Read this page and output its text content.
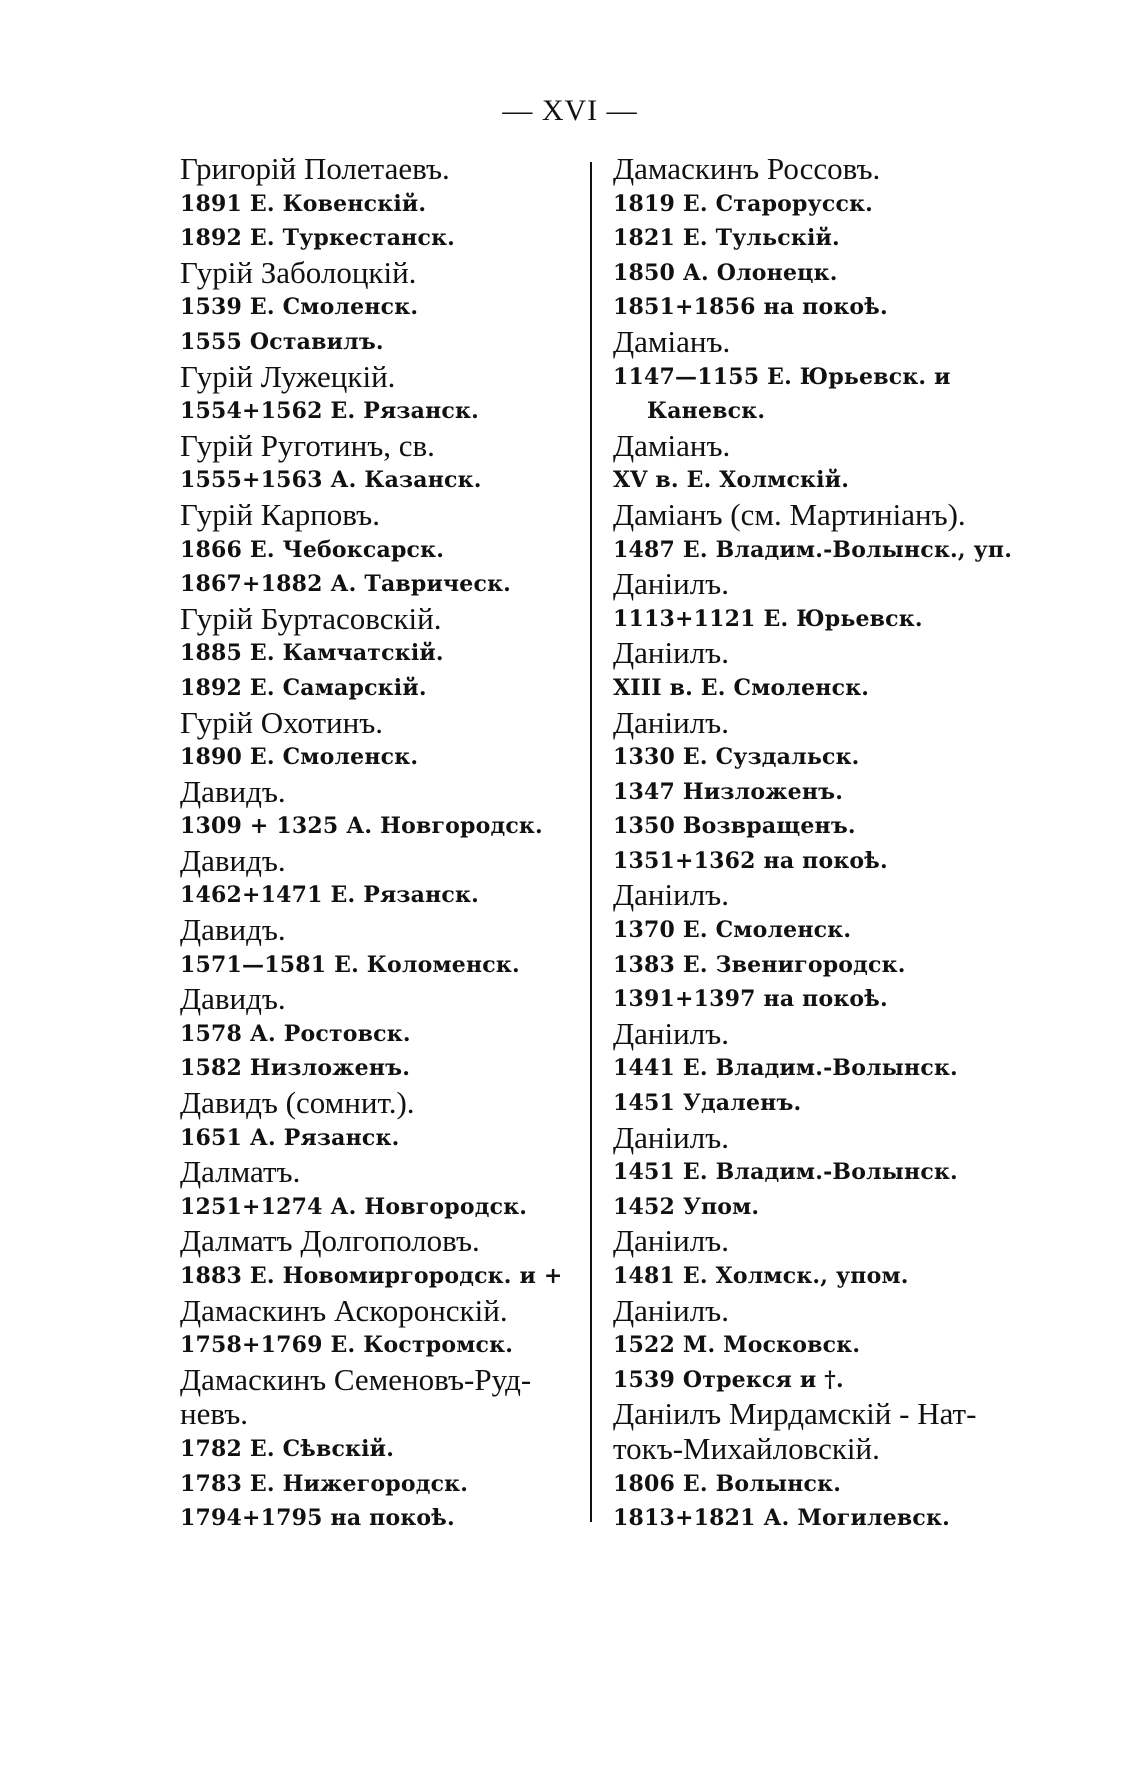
— XVI —
Григорій Полетаевъ.
1891 Е. Ковенскій.
1892 Е. Туркестанск.
Гурій Заболоцкій.
1539 Е. Смоленск.
1555 Оставилъ.
Гурій Лужецкій.
1554+1562 Е. Рязанск.
Гурій Руготинъ, св.
1555+1563 А. Казанск.
Гурій Карповъ.
1866 Е. Чебоксарск.
1867+1882 А. Таврическ.
Гурій Буртасовскій.
1885 Е. Камчатскій.
1892 Е. Самарскій.
Гурій Охотинъ.
1890 Е. Смоленск.
Давидъ.
1309 + 1325 А. Новгородск.
Давидъ.
1462+1471 Е. Рязанск.
Давидъ.
1571—1581 Е. Коломенск.
Давидъ.
1578 А. Ростовск.
1582 Низложенъ.
Давидъ (сомнит.).
1651 А. Рязанск.
Далматъ.
1251+1274 А. Новгородск.
Далматъ Долгополовъ.
1883 Е. Новомиргородск. и +
Дамаскинъ Аскоронскій.
1758+1769 Е. Костромск.
Дамаскинъ Семеновъ-Руд-
невъ.
1782 Е. Сѣвскій.
1783 Е. Нижегородск.
1794+1795 на покоѣ.
Дамаскинъ Россовъ.
1819 Е. Старорусск.
1821 Е. Тульскій.
1850 А. Олонецк.
1851+1856 на покоѣ.
Даміанъ.
1147—1155 Е. Юрьевск. и
Каневск.
Даміанъ.
XV в. Е. Холмскій.
Даміанъ (см. Мартиніанъ).
1487 Е. Владим.-Волынск., уп.
Даніилъ.
1113+1121 Е. Юрьевск.
Даніилъ.
XIII в. Е. Смоленск.
Даніилъ.
1330 Е. Суздальск.
1347 Низложенъ.
1350 Возвращенъ.
1351+1362 на покоѣ.
Даніилъ.
1370 Е. Смоленск.
1383 Е. Звенигородск.
1391+1397 на покоѣ.
Даніилъ.
1441 Е. Владим.-Волынск.
1451 Удаленъ.
Даніилъ.
1451 Е. Владим.-Волынск.
1452 Упом.
Даніилъ.
1481 Е. Холмск., упом.
Даніилъ.
1522 М. Московск.
1539 Отрекся и †.
Даніилъ Мирдамскій - Нат-
токъ-Михайловскій.
1806 Е. Волынск.
1813+1821 А. Могилевск.
